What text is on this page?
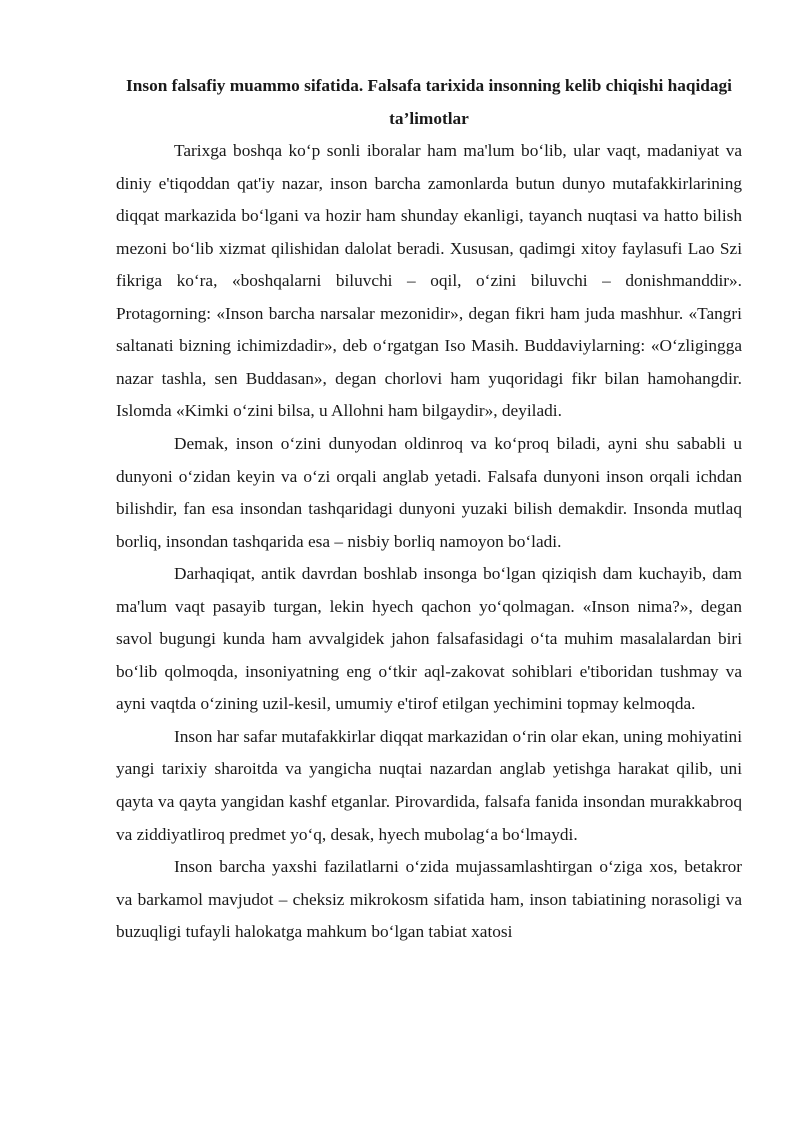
Inson falsafiy muammo sifatida. Falsafa tarixida insonning kelib chiqishi haqidagi ta’limotlar

Tarixga boshqa ko‘p sonli iboralar ham ma'lum bo‘lib, ular vaqt, madaniyat va diniy e'tiqoddan qat'iy nazar, inson barcha zamonlarda butun dunyo mutafakkirlarining diqqat markazida bo‘lgani va hozir ham shunday ekanligi, tayanch nuqtasi va hatto bilish mezoni bo‘lib xizmat qilishidan dalolat beradi. Xususan, qadimgi xitoy faylasufi Lao Szi fikriga ko‘ra, «boshqalarni biluvchi – oqil, o‘zini biluvchi – donishmanddir». Protagorning: «Inson barcha narsalar mezonidir», degan fikri ham juda mashhur. «Tangri saltanati bizning ichimizdadir», deb o‘rgatgan Iso Masih. Buddaviylarning: «O‘zligingga nazar tashla, sen Buddasan», degan chorlovi ham yuqoridagi fikr bilan hamohangdir. Islomda «Kimki o‘zini bilsa, u Allohni ham bilgaydir», deyiladi.

Demak, inson o‘zini dunyodan oldinroq va ko‘proq biladi, ayni shu sababli u dunyoni o‘zidan keyin va o‘zi orqali anglab yetadi. Falsafa dunyoni inson orqali ichdan bilishdir, fan esa insondan tashqaridagi dunyoni yuzaki bilish demakdir. Insonda mutlaq borliq, insondan tashqarida esa – nisbiy borliq namoyon bo‘ladi.

Darhaqiqat, antik davrdan boshlab insonga bo‘lgan qiziqish dam kuchayib, dam ma'lum vaqt pasayib turgan, lekin hyech qachon yo‘qolmagan. «Inson nima?», degan savol bugungi kunda ham avvalgidek jahon falsafasidagi o‘ta muhim masalalardan biri bo‘lib qolmoqda, insoniyatning eng o‘tkir aql-zakovat sohiblari e'tiboridan tushmay va ayni vaqtda o‘zining uzil-kesil, umumiy e'tirof etilgan yechimini topmay kelmoqda.

Inson har safar mutafakkirlar diqqat markazidan o‘rin olar ekan, uning mohiyatini yangi tarixiy sharoitda va yangicha nuqtai nazardan anglab yetishga harakat qilib, uni qayta va qayta yangidan kashf etganlar. Pirovardida, falsafa fanida insondan murakkabroq va ziddiyatliroq predmet yo‘q, desak, hyech mubolag‘a bo‘lmaydi.

Inson barcha yaxshi fazilatlarni o‘zida mujassamlashtirgan o‘ziga xos, betakror va barkamol mavjudot – cheksiz mikrokosm sifatida ham, inson tabiatining norasoligi va buzuqligi tufayli halokatga mahkum bo‘lgan tabiat xatosi
